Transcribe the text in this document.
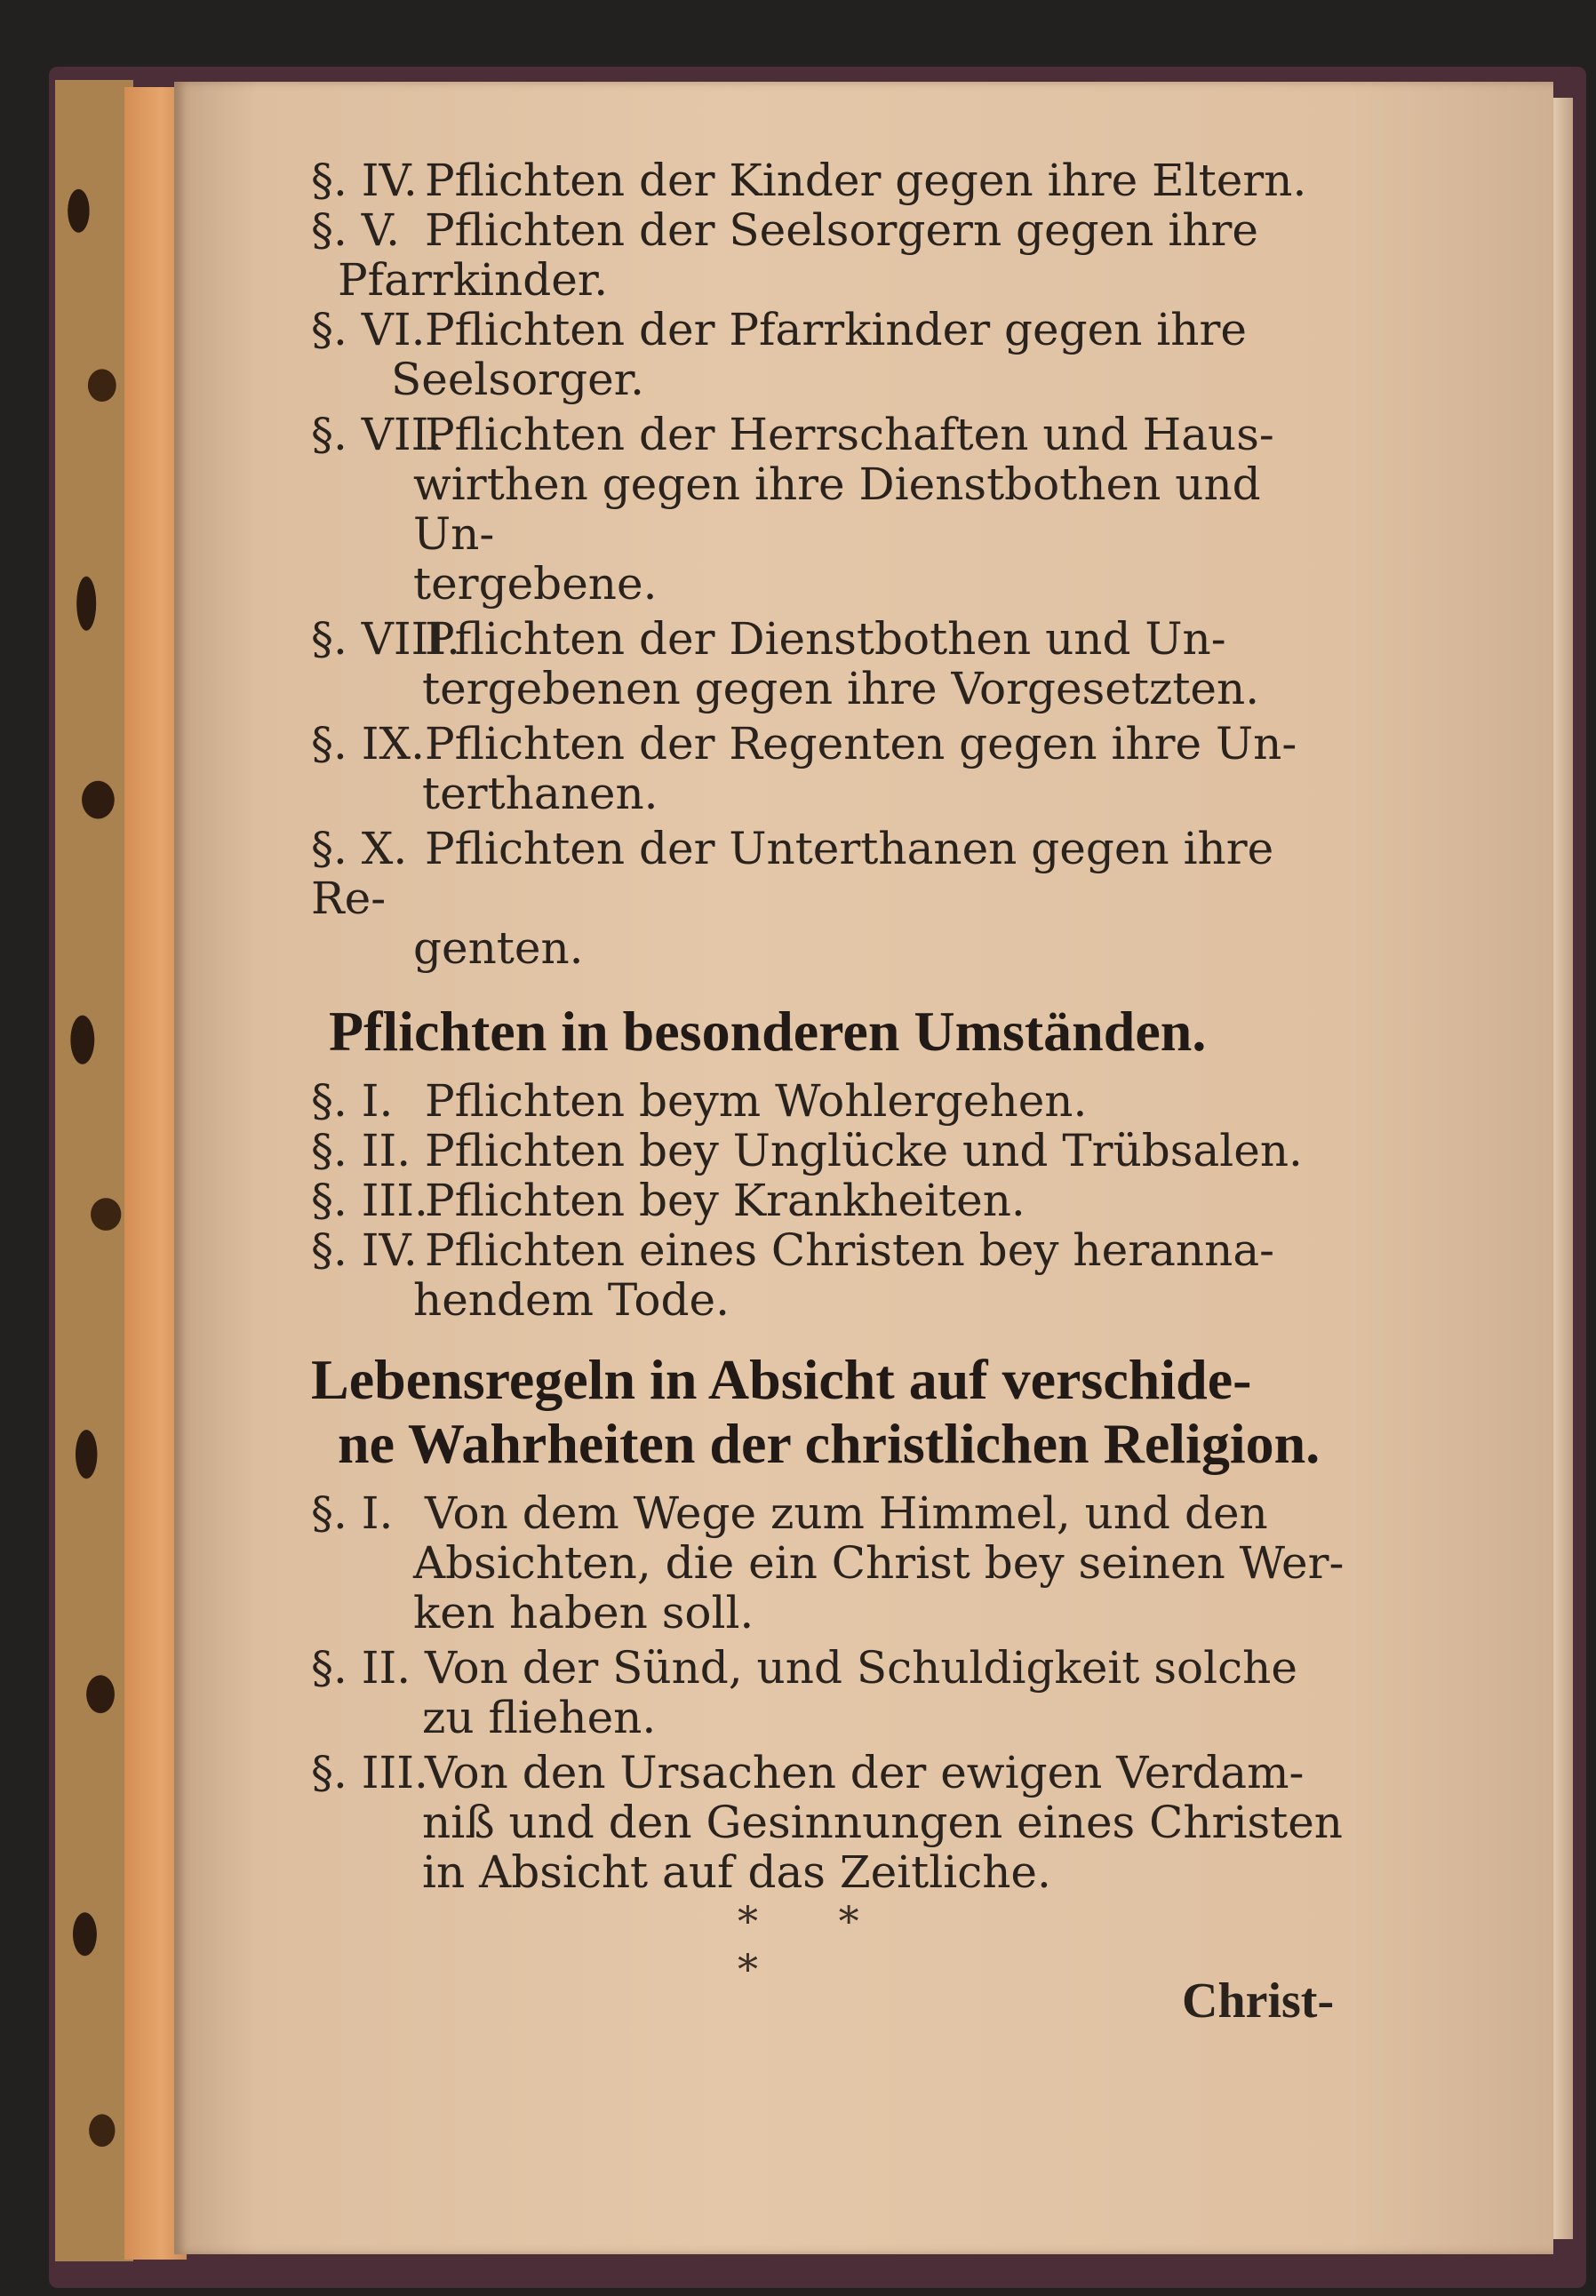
§. IV. Pflichten der Kinder gegen ihre Eltern.
§. V. Pflichten der Seelsorgern gegen ihre
Pfarrkinder.
§. VI.Pflichten der Pfarrkinder gegen ihre
Seelsorger.
§. VII.Pflichten der Herrschaften und Haus-
wirthen gegen ihre Dienstbothen und Un-
tergebene.
§. VIII.Pflichten der Dienstbothen und Un-
tergebenen gegen ihre Vorgesetzten.
§. IX.Pflichten der Regenten gegen ihre Un-
terthanen.
§. X. Pflichten der Unterthanen gegen ihre Re-
genten.
Pflichten in besonderen Umständen.
§. I. Pflichten beym Wohlergehen.
§. II. Pflichten bey Unglücke und Trübsalen.
§. III.Pflichten bey Krankheiten.
§. IV. Pflichten eines Christen bey heranna-
hendem Tode.
Lebensregeln in Absicht auf verschide-
ne Wahrheiten der christlichen Religion.
§. I. Von dem Wege zum Himmel, und den
Absichten, die ein Christ bey seinen Wer-
ken haben soll.
§. II. Von der Sünd, und Schuldigkeit solche
zu fliehen.
§. III.Von den Ursachen der ewigen Verdam-
niß und den Gesinnungen eines Christen
in Absicht auf das Zeitliche.
* * *
Christ-
